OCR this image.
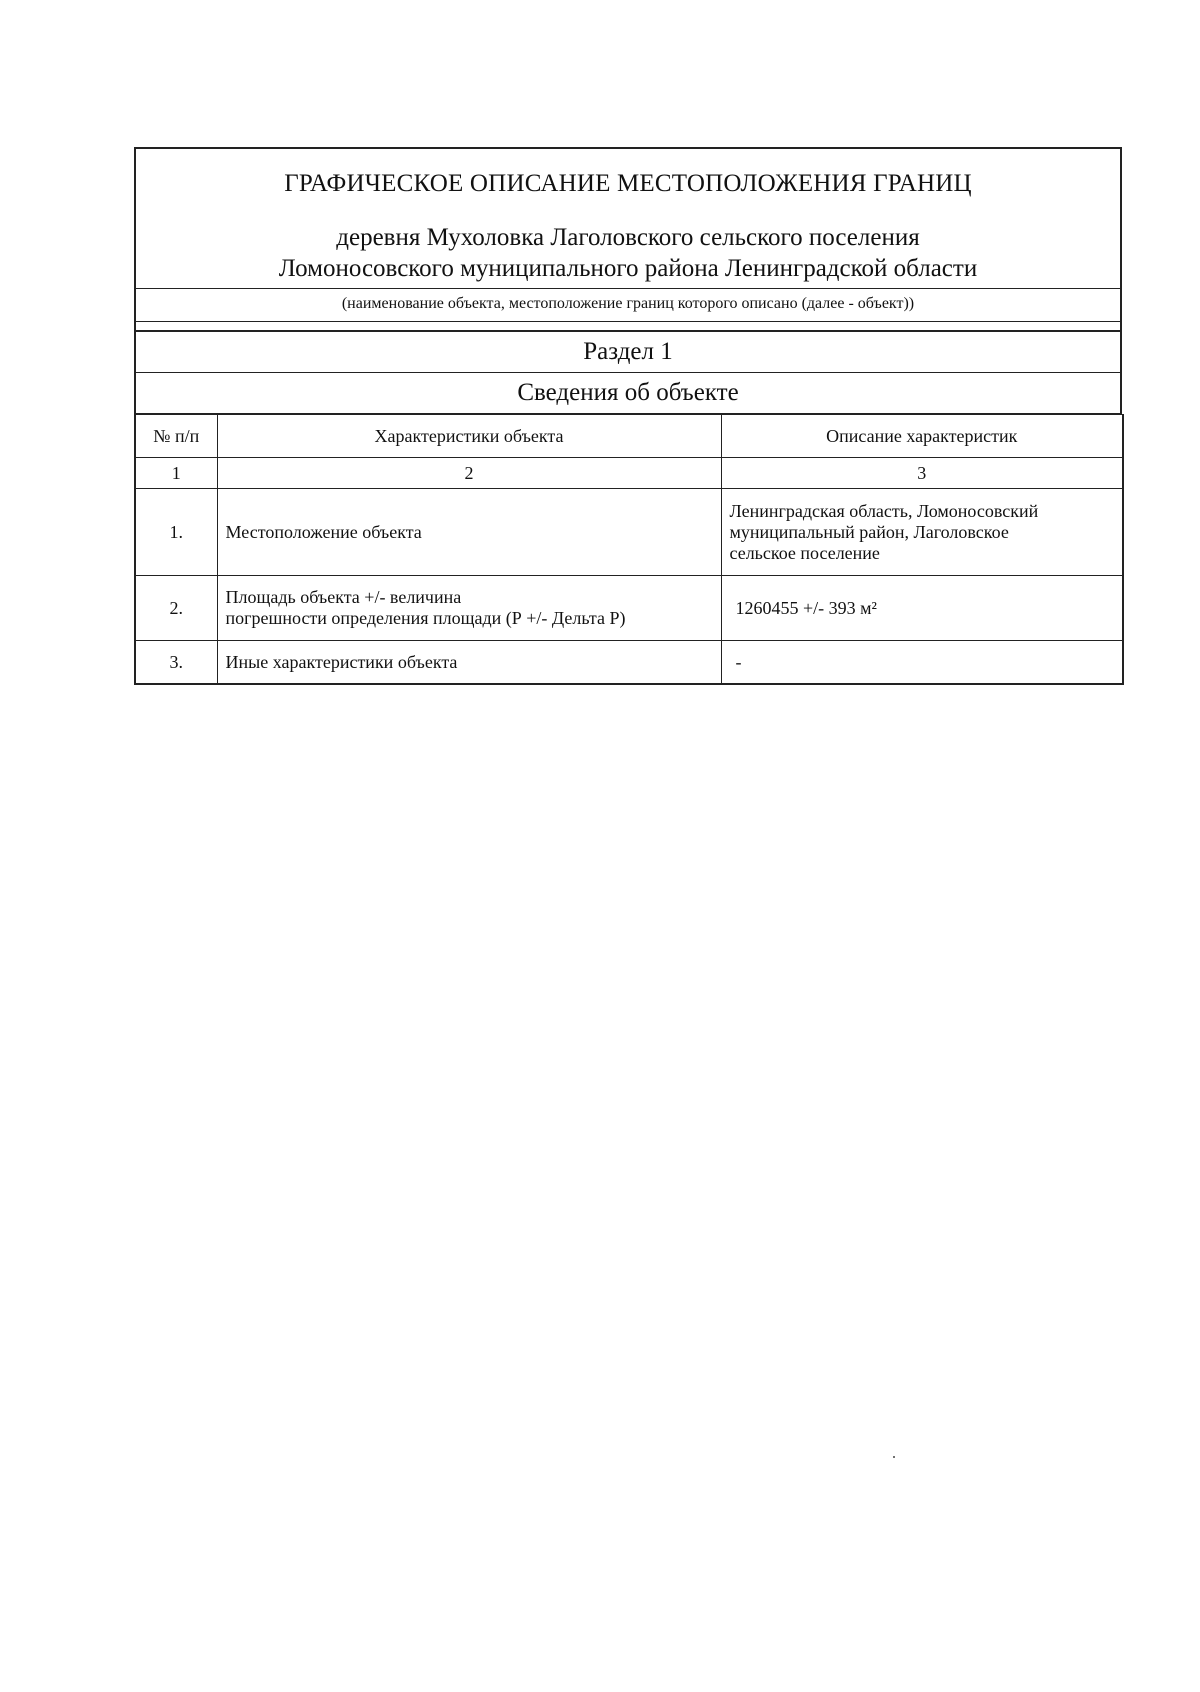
ГРАФИЧЕСКОЕ ОПИСАНИЕ МЕСТОПОЛОЖЕНИЯ ГРАНИЦ
деревня Мухоловка Лаголовского сельского поселения
Ломоносовского муниципального района Ленинградской области
(наименование объекта, местоположение границ которого описано (далее - объект))
Раздел 1
Сведения об объекте
№ п/п	Характеристики объекта	Описание характеристик
1	2	3
1.	Местоположение объекта	Ленинградская область, Ломоносовский
муниципальный район, Лаголовское
сельское поселение

2.	Площадь объекта +/- величина
погрешности определения площади (Р +/- Дельта Р)	1260455 +/- 393 м²

3.	Иные характеристики объекта	-
